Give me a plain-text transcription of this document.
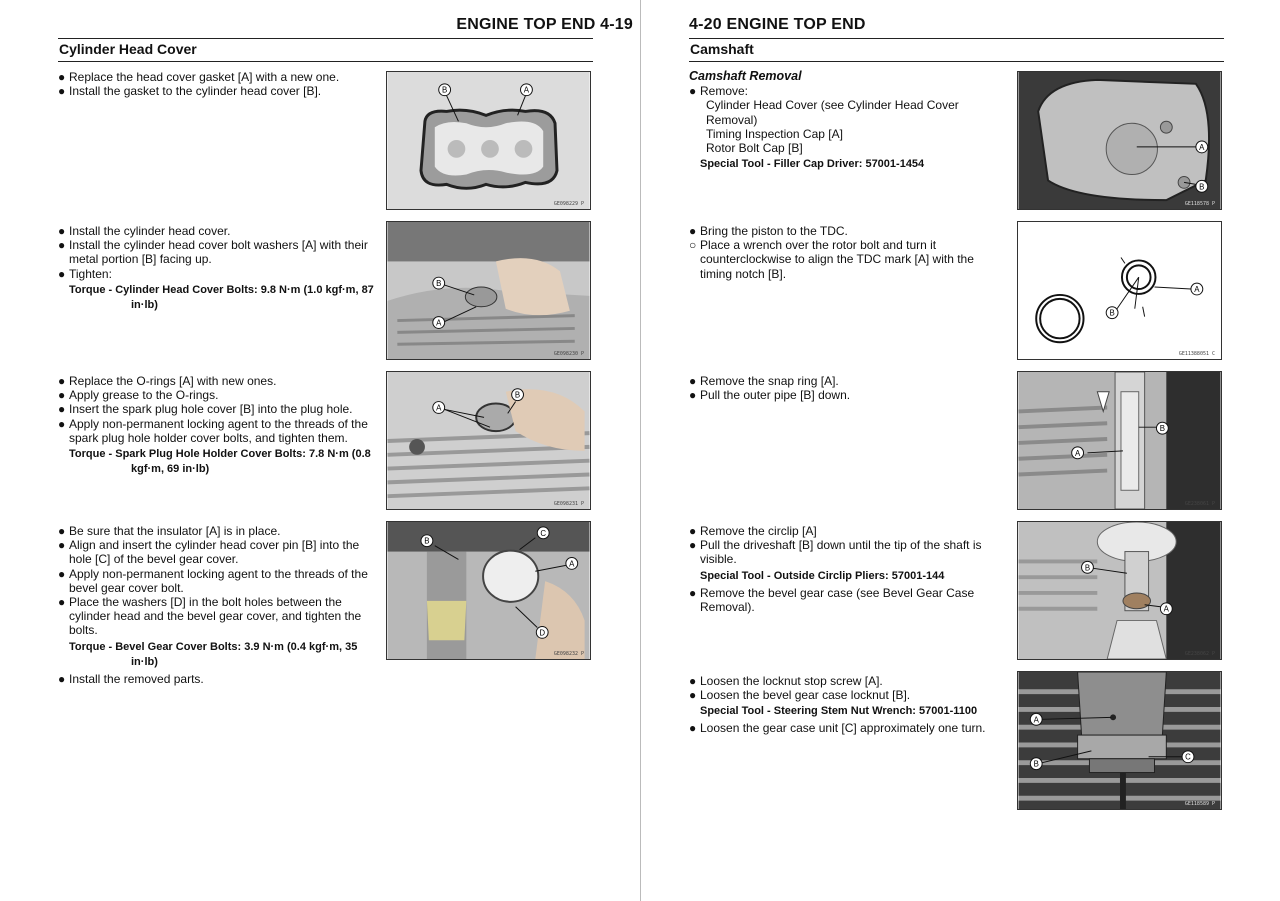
ENGINE TOP END 4-19
Cylinder Head Cover
● Replace the head cover gasket [A] with a new one.
● Install the gasket to the cylinder head cover [B].	B	A
GE098229 P
● Install the cylinder head cover.
● Install the cylinder head cover bolt washers [A] with their metal portion [B] facing up.
● Tighten:
Torque - Cylinder Head Cover Bolts: 9.8 N·m (1.0 kgf·m, 87
in·lb)
B
A
GE098230 P
● Replace the O-rings [A] with new ones.
● Apply grease to the O-rings.
● Insert the spark plug hole cover [B] into the plug hole.
● Apply non-permanent locking agent to the threads of the spark plug hole holder cover bolts, and tighten them.
Torque - Spark Plug Hole Holder Cover Bolts: 7.8 N·m (0.8
kgf·m, 69 in·lb)
A
B
GE098231 P
● Be sure that the insulator [A] is in place.
● Align and insert the cylinder head cover pin [B] into the hole [C] of the bevel gear cover.
● Apply non-permanent locking agent to the threads of the bevel gear cover bolt.
● Place the washers [D] in the bolt holes between the cylinder head and the bevel gear cover, and tighten the bolts.
Torque - Bevel Gear Cover Bolts: 3.9 N·m (0.4 kgf·m, 35
in·lb)
● Install the removed parts.
B
C
A
D
GE098232 P
4-20 ENGINE TOP END
Camshaft
Camshaft Removal
● Remove:
Cylinder Head Cover (see Cylinder Head Cover Removal)
Timing Inspection Cap [A]
Rotor Bolt Cap [B]
Special Tool - Filler Cap Driver: 57001-1454
A
B
GE118578 P
● Bring the piston to the TDC.
○ Place a wrench over the rotor bolt and turn it counterclockwise to align the TDC mark [A] with the timing notch [B].
A
B
GE11388051 C
● Remove the snap ring [A].
● Pull the outer pipe [B] down.
B
A
GE238061 P
● Remove the circlip [A]
● Pull the driveshaft [B] down until the tip of the shaft is visible.
Special Tool - Outside Circlip Pliers: 57001-144
● Remove the bevel gear case (see Bevel Gear Case Removal).
B
A
GE238062 P
● Loosen the locknut stop screw [A].
● Loosen the bevel gear case locknut [B].
Special Tool - Steering Stem Nut Wrench: 57001-1100
● Loosen the gear case unit [C] approximately one turn.
A
B
C
GE118589 P
